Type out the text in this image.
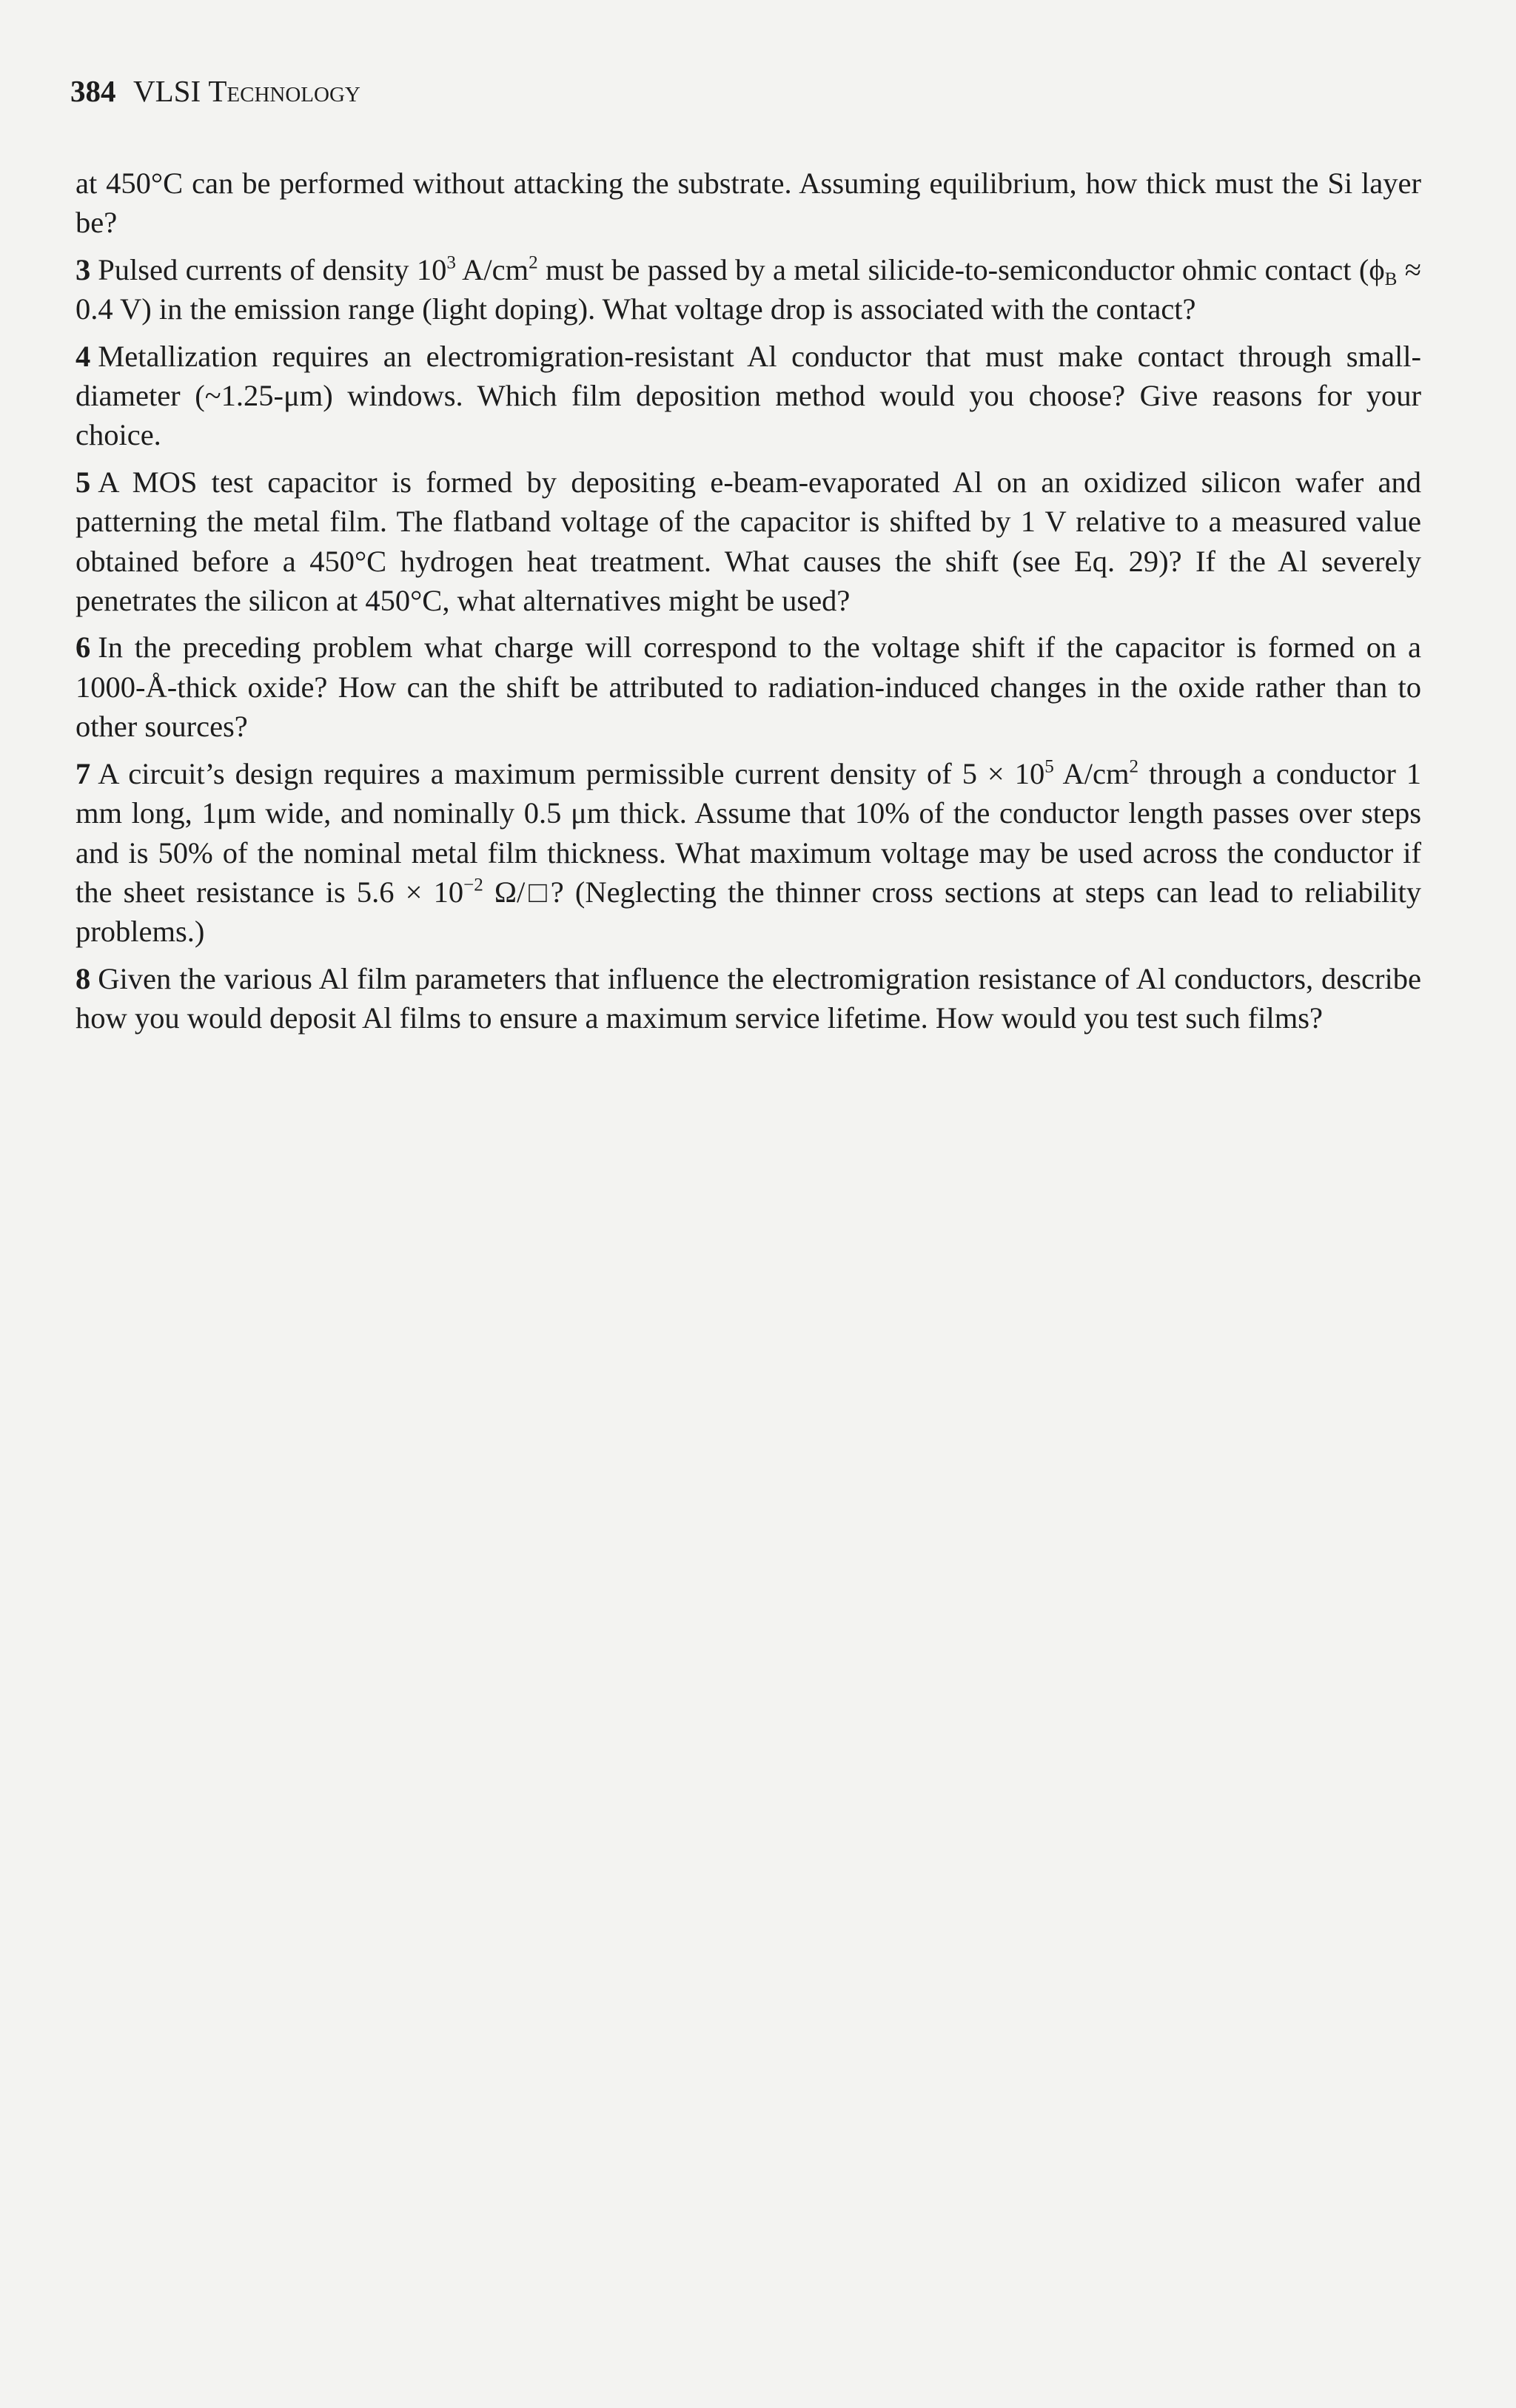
384 VLSI Technology

at 450°C can be performed without attacking the substrate. Assuming equilibrium, how thick must the Si layer be?

3 Pulsed currents of density $10^3$ $A/cm^2$ must be passed by a metal silicide-to-semiconductor ohmic contact ($\phi_B \approx 0.4$ V) in the emission range (light doping). What voltage drop is associated with the contact?

4 Metallization requires an electromigration-resistant Al conductor that must make contact through small-diameter (~1.25-μm) windows. Which film deposition method would you choose? Give reasons for your choice.

5 A MOS test capacitor is formed by depositing e-beam-evaporated Al on an oxidized silicon wafer and patterning the metal film. The flatband voltage of the capacitor is shifted by 1 V relative to a measured value obtained before a 450°C hydrogen heat treatment. What causes the shift (see Eq. 29)? If the Al severely penetrates the silicon at 450°C, what alternatives might be used?

6 In the preceding problem what charge will correspond to the voltage shift if the capacitor is formed on a 1000-Å-thick oxide? How can the shift be attributed to radiation-induced changes in the oxide rather than to other sources?

7 A circuit’s design requires a maximum permissible current density of $5 \times 10^5$ $A/cm^2$ through a conductor 1 mm long, 1μm wide, and nominally 0.5 μm thick. Assume that 10% of the conductor length passes over steps and is 50% of the nominal metal film thickness. What maximum voltage may be used across the conductor if the sheet resistance is $5.6 \times 10^{-2}$ Ω/□? (Neglecting the thinner cross sections at steps can lead to reliability problems.)

8 Given the various Al film parameters that influence the electromigration resistance of Al conductors, describe how you would deposit Al films to ensure a maximum service lifetime. How would you test such films?
